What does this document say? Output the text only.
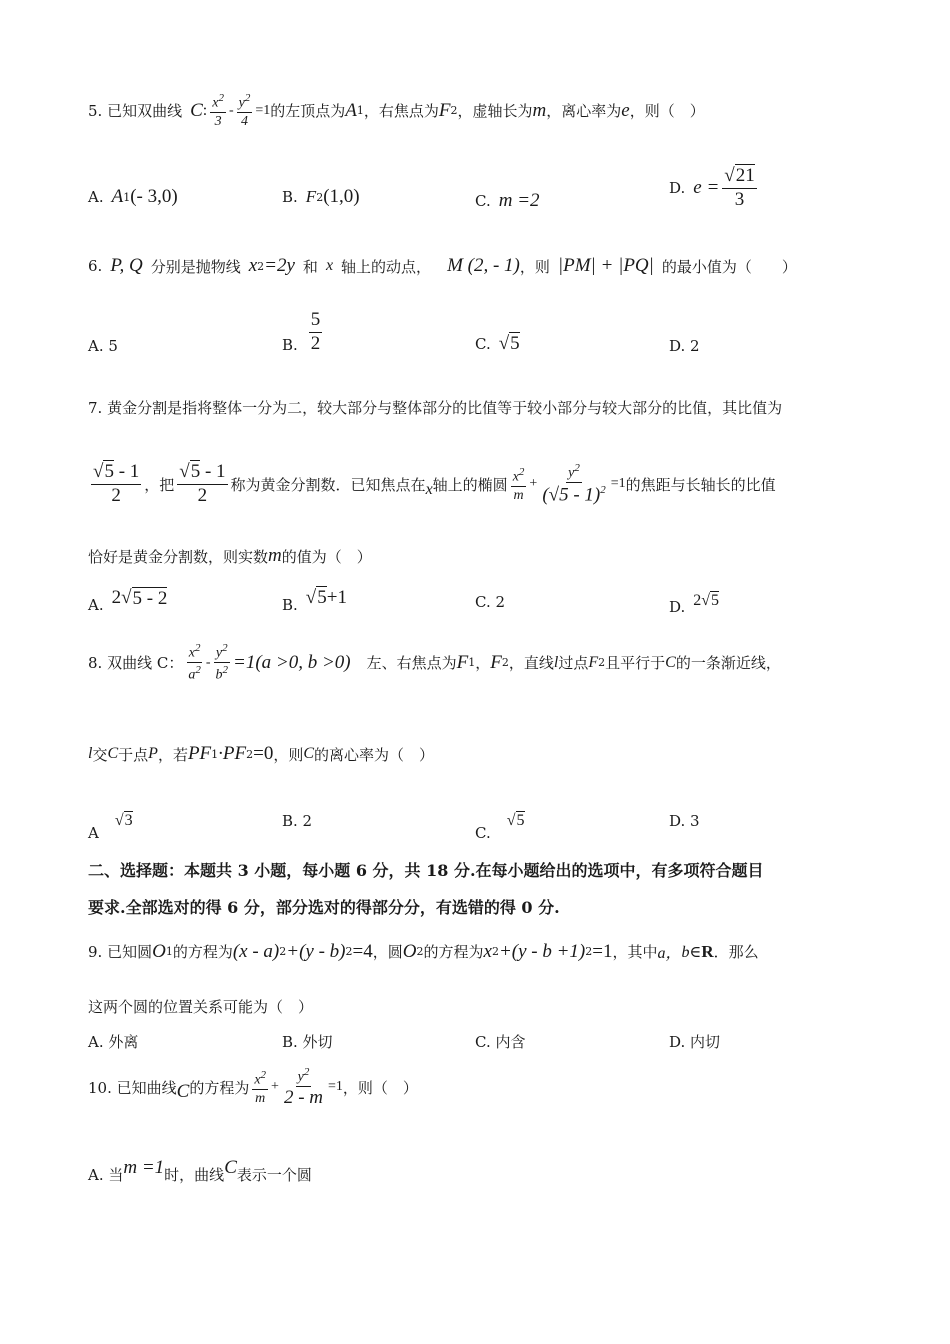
5. 已知双曲线 C : $\frac{x^2}{3} - \frac{y^2}{4} =1$ 的左顶点为 A 1 ，右焦点为 F 2 ，虚轴长为 m ，离心率为 e ，则（　）
A. A 1 (- 3,0)	B. F 2 (1,0)	C. m =2
D. $e = \frac{√21}{3}$
6. P, Q 分别是抛物线 x 2 =2y 和 x 轴上的动点， M (2, - 1) ，则 |PM| + |PQ| 的最小值为（　　）
A. 5	B. $\frac{5}{2}$	C. √5	D. 2
7. 黄金分割是指将整体一分为二，较大部分与整体部分的比值等于较小部分与较大部分的比值，其比值为
$\frac{√5 - 1}{2}$ ，把 $\frac{√5 - 1}{2}$ 称为黄金分割数．已知焦点在 x 轴上的椭圆 $\frac{x^2}{m} + \frac{y^2}{(√5 - 1)^2} =1$ 的焦距与长轴长的比值
恰好是黄金分割数，则实数 m 的值为（　）
A. 2 √ 5 - 2	B. √5 +1	C. 2	D. 2 √5
8. 双曲线 C： $\frac{x^2}{a^2} - \frac{y^2}{b^2} =1(a >0$, b >0) 左、右焦点为 F 1 ， F 2 ，直线 l 过点 F 2 且平行于 C 的一条渐近线，
l 交 C 于点 P ，若 PF 1 ·PF 2 =0 ，则 C 的离心率为（　）
A
√3	B. 2
C.
√5	D. 3
二、选择题：本题共 3 小题，每小题 6 分，共 18 分.在每小题给出的选项中，有多项符合题目
要求.全部选对的得 6 分，部分选对的得部分分，有选错的得 0 分.
9. 已知圆 O 1 的方程为 (x - a) 2 +(y - b) 2 =4 ，圆 O 2 的方程为 x 2 +(y - b +1) 2 =1 ，其中 a， b∈ R ．那么
这两个圆的位置关系可能为（　）
A. 外离	B. 外切	C. 内含	D. 内切
10. 已知曲线 C 的方程为 $\frac{x^2}{m} + \frac{y^2}{2 - m} =1$ ，则（　）
A. 当 m =1 时，曲线 C 表示一个圆
